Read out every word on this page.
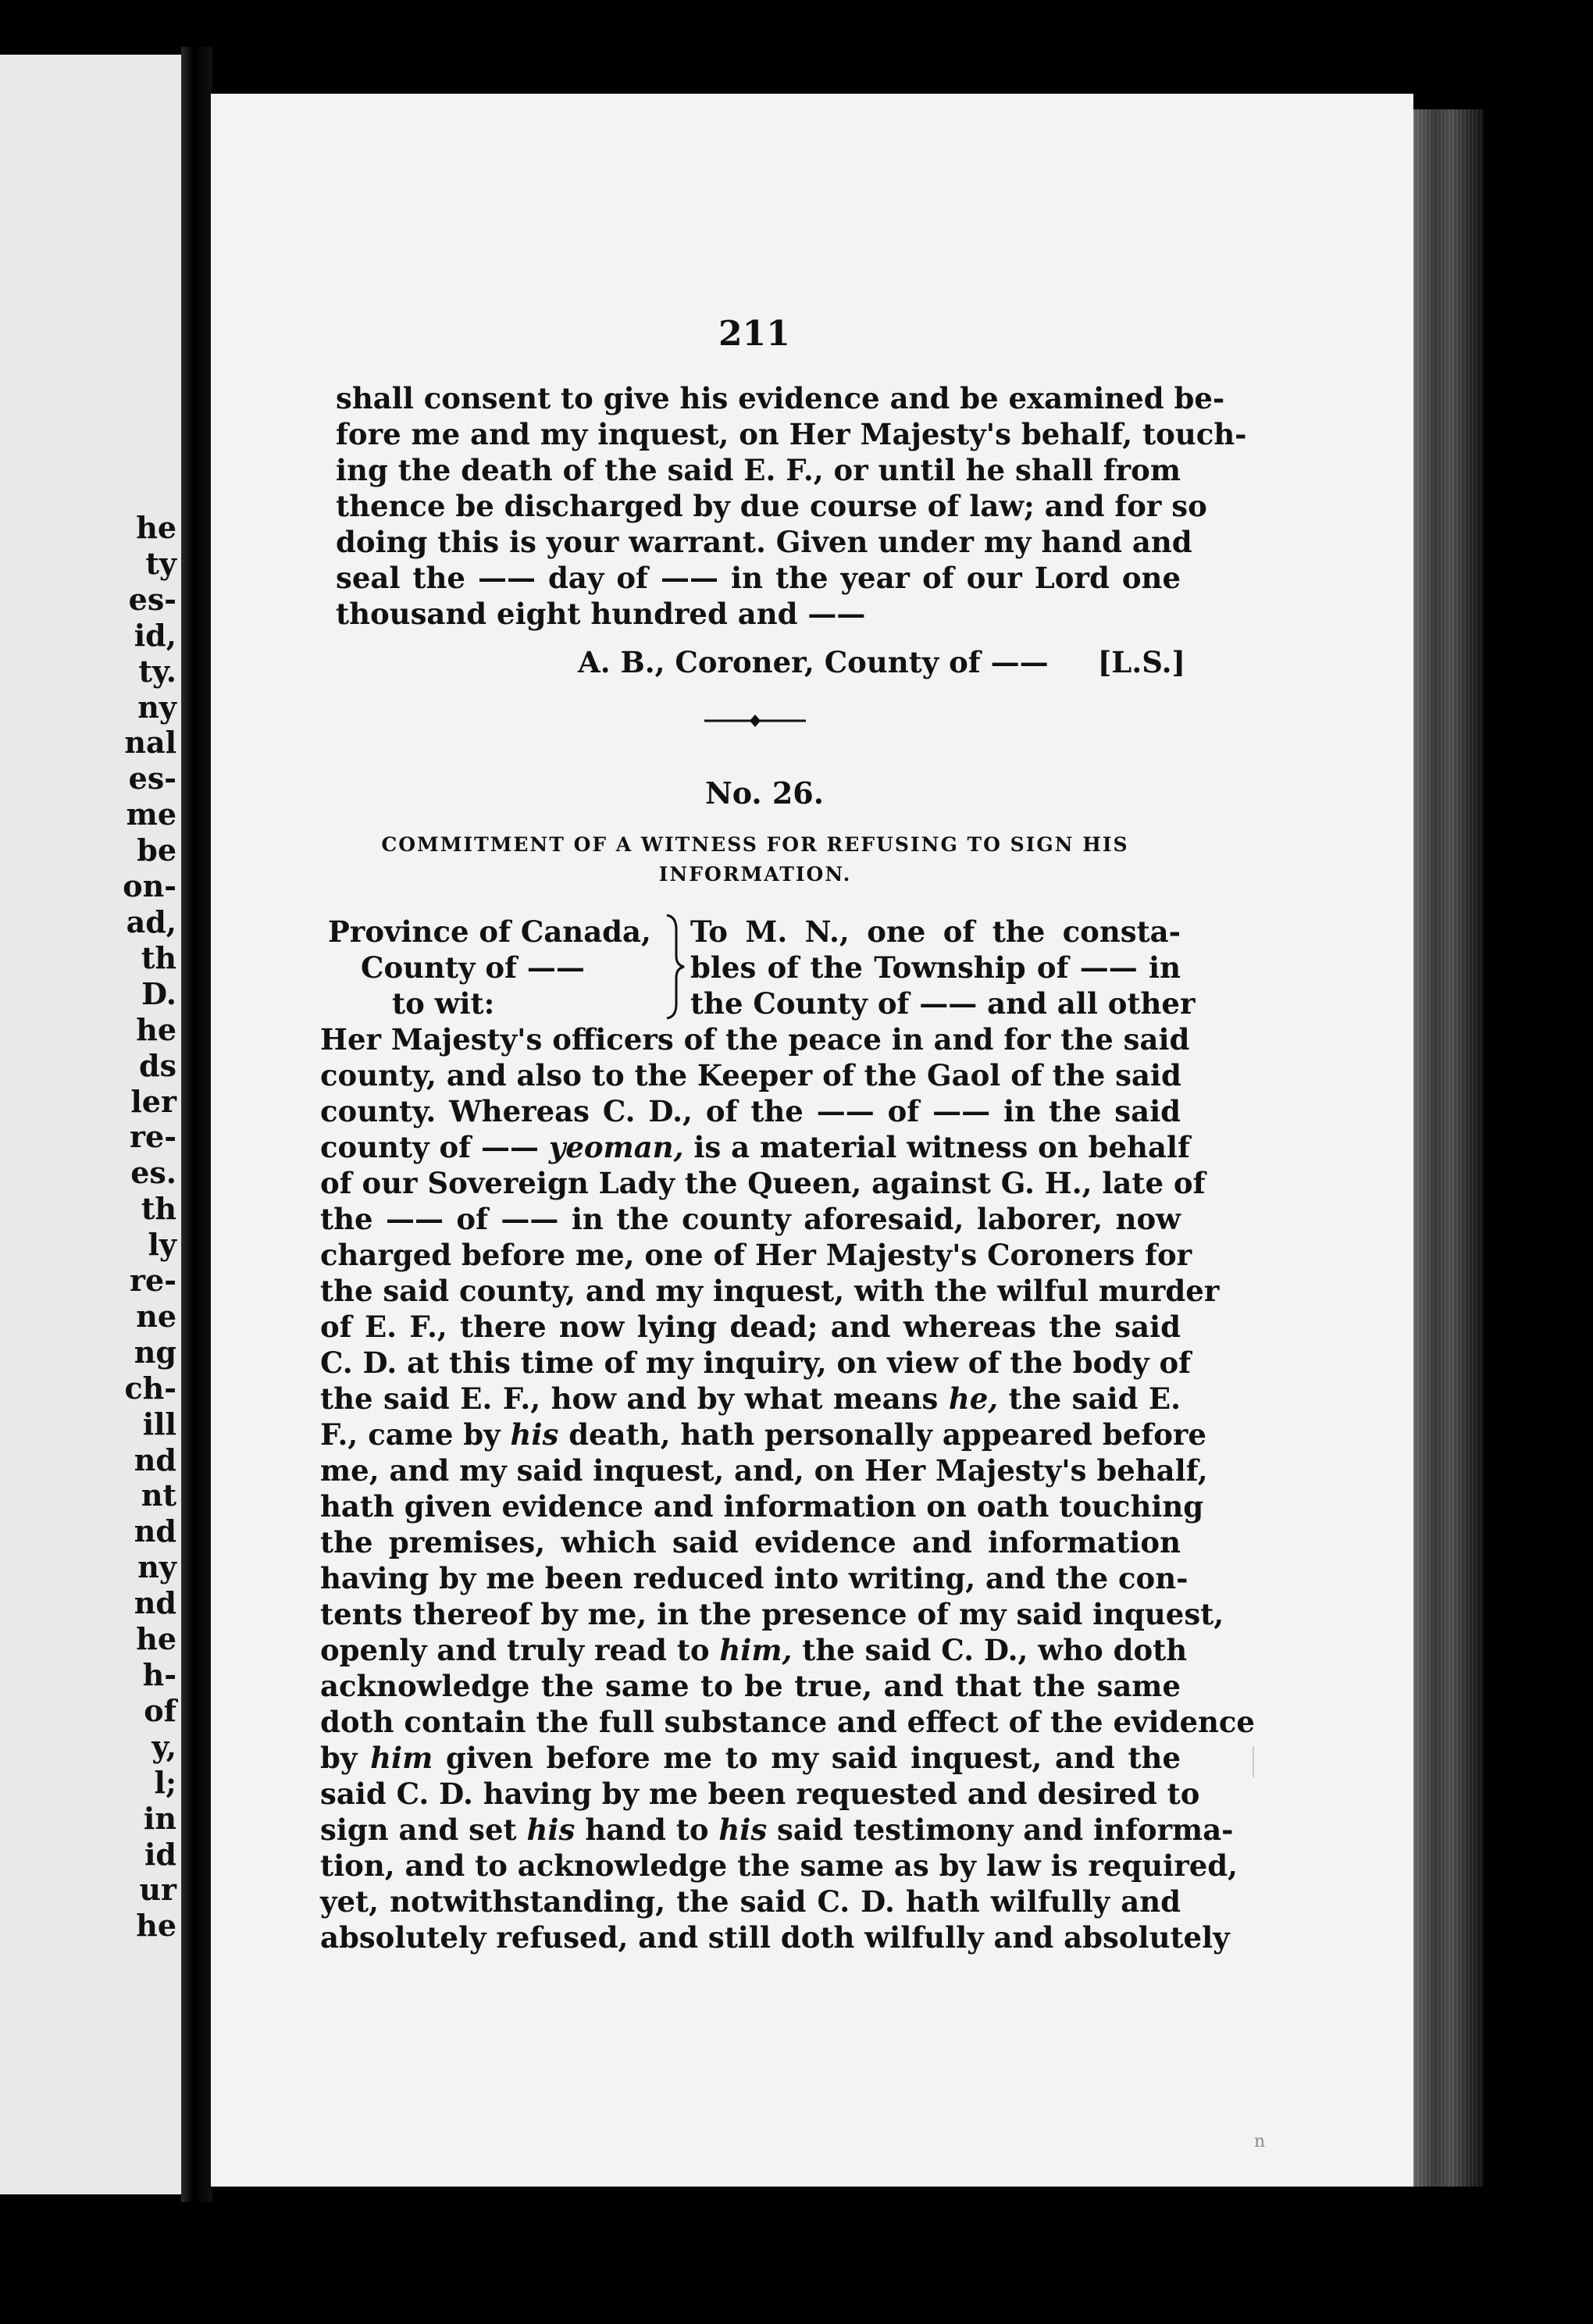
he
ty
es-
id,
ty.
ny
nal
es-
me
be
on-
ad,
th
D.
he
ds
ler
re-
es.
th
ly
re-
ne
ng
ch-
ill
nd
nt
nd
ny
nd
he
h-
of
y,
l;
in
id
ur
he
211
shall consent to give his evidence and be examined be-
fore me and my inquest, on Her Majesty's behalf, touch-
ing the death of the said E. F., or until he shall from
thence be discharged by due course of law; and for so
doing this is your warrant. Given under my hand and
seal the —— day of —— in the year of our Lord one
thousand eight hundred and ——
A. B., Coroner, County of —— [L.S.]
No. 26.
COMMITMENT OF A WITNESS FOR REFUSING TO SIGN HIS
INFORMATION.
Province of Canada,
County of ——
to wit:
To M. N., one of the consta-
bles of the Township of —— in
the County of —— and all other
Her Majesty's officers of the peace in and for the said
county, and also to the Keeper of the Gaol of the said
county. Whereas C. D., of the —— of —— in the said
county of —— yeoman, is a material witness on behalf
of our Sovereign Lady the Queen, against G. H., late of
the —— of —— in the county aforesaid, laborer, now
charged before me, one of Her Majesty's Coroners for
the said county, and my inquest, with the wilful murder
of E. F., there now lying dead; and whereas the said
C. D. at this time of my inquiry, on view of the body of
the said E. F., how and by what means he, the said E.
F., came by his death, hath personally appeared before
me, and my said inquest, and, on Her Majesty's behalf,
hath given evidence and information on oath touching
the premises, which said evidence and information
having by me been reduced into writing, and the con-
tents thereof by me, in the presence of my said inquest,
openly and truly read to him, the said C. D., who doth
acknowledge the same to be true, and that the same
doth contain the full substance and effect of the evidence
by him given before me to my said inquest, and the
said C. D. having by me been requested and desired to
sign and set his hand to his said testimony and informa-
tion, and to acknowledge the same as by law is required,
yet, notwithstanding, the said C. D. hath wilfully and
absolutely refused, and still doth wilfully and absolutely
n
